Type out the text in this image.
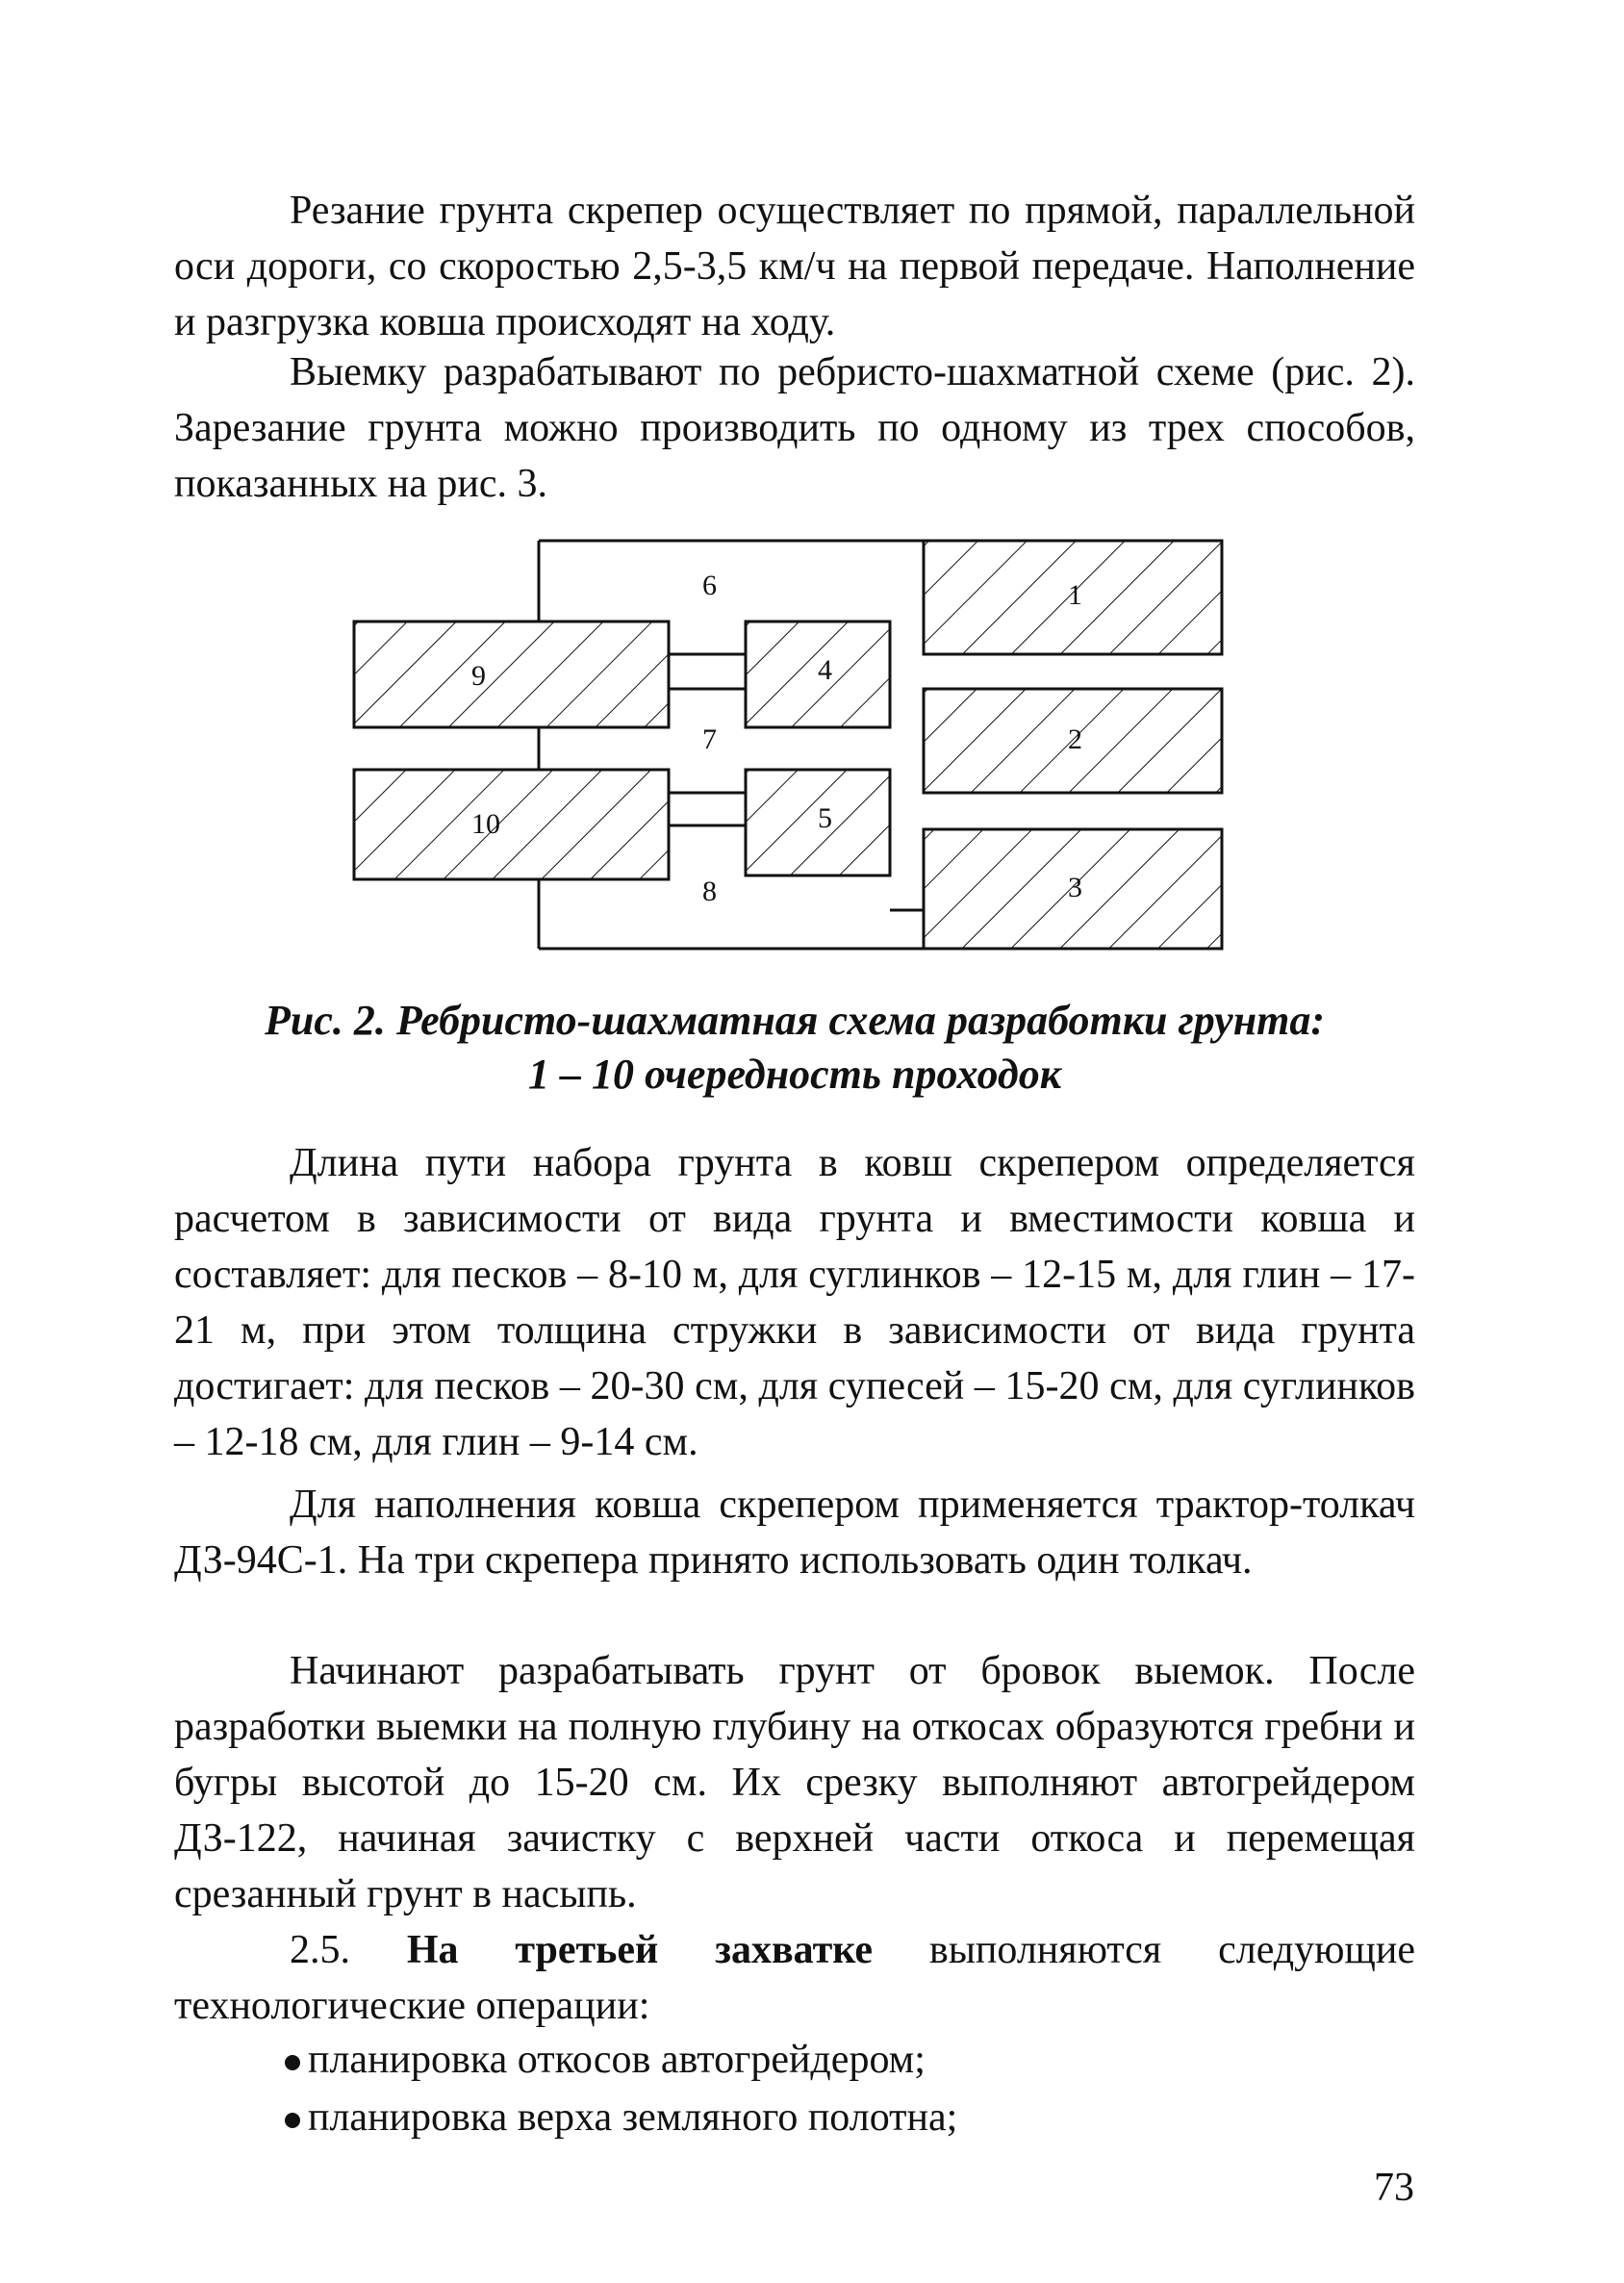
Резание грунта скрепер осуществляет по прямой, параллельной оси дороги, со скоростью 2,5-3,5 км/ч на первой передаче. Наполнение и разгрузка ковша происходят на ходу.

Выемку разрабатывают по ребристо-шахматной схеме (рис. 2). Зарезание грунта можно производить по одному из трех способов, показанных на рис. 3.

6
7
8
9
10
4
5
1
2
3
Рис. 2. Ребристо-шахматная схема разработки грунта:
1 – 10 очередность проходок

Длина пути набора грунта в ковш скрепером определяется расчетом в зависимости от вида грунта и вместимости ковша и составляет: для песков – 8-10 м, для суглинков – 12-15 м, для глин – 17-21 м, при этом толщина стружки в зависимости от вида грунта достигает: для песков – 20-30 см, для супесей – 15-20 см, для суглинков – 12-18 см, для глин – 9-14 см.

Для наполнения ковша скрепером применяется трактор-толкач ДЗ-94С-1. На три скрепера принято использовать один толкач.

Начинают разрабатывать грунт от бровок выемок. После разработки выемки на полную глубину на откосах образуются гребни и бугры высотой до 15-20 см. Их срезку выполняют автогрейдером ДЗ-122, начиная зачистку с верхней части откоса и перемещая срезанный грунт в насыпь.

2.5. На третьей захватке выполняются следующие технологические операции:

планировка откосов автогрейдером;
планировка верха земляного полотна;
73
